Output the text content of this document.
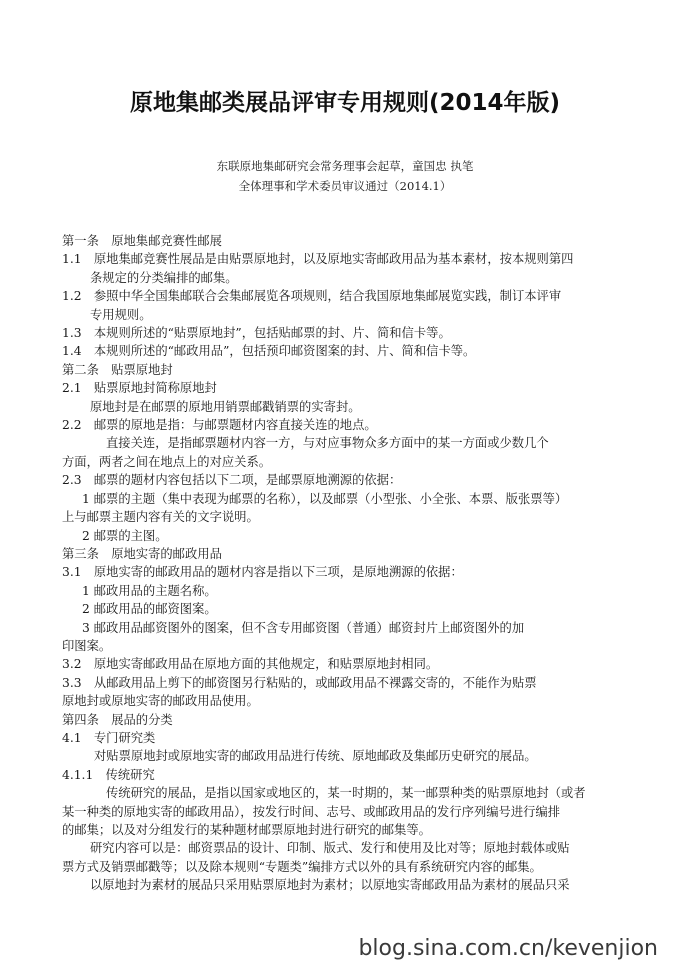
原地集邮类展品评审专用规则(2014年版)
东联原地集邮研究会常务理事会起草，童国忠 执笔
全体理事和学术委员审议通过（2014.1）
第一条　原地集邮竞赛性邮展
1.1　原地集邮竞赛性展品是由贴票原地封，以及原地实寄邮政用品为基本素材，按本规则第四
条规定的分类编排的邮集。
1.2　参照中华全国集邮联合会集邮展览各项规则，结合我国原地集邮展览实践，制订本评审
专用规则。
1.3　本规则所述的“贴票原地封”，包括贴邮票的封、片、简和信卡等。
1.4　本规则所述的“邮政用品”，包括预印邮资图案的封、片、简和信卡等。
第二条　贴票原地封
2.1　贴票原地封简称原地封
原地封是在邮票的原地用销票邮戳销票的实寄封。
2.2　邮票的原地是指：与邮票题材内容直接关连的地点。
直接关连，是指邮票题材内容一方，与对应事物众多方面中的某一方面或少数几个
方面，两者之间在地点上的对应关系。
2.3　邮票的题材内容包括以下二项，是邮票原地溯源的依据：
1 邮票的主题（集中表现为邮票的名称），以及邮票（小型张、小全张、本票、版张票等）
上与邮票主题内容有关的文字说明。
2 邮票的主图。
第三条　原地实寄的邮政用品
3.1　原地实寄的邮政用品的题材内容是指以下三项，是原地溯源的依据：
1 邮政用品的主题名称。
2 邮政用品的邮资图案。
3 邮政用品邮资图外的图案，但不含专用邮资图（普通）邮资封片上邮资图外的加
印图案。
3.2　原地实寄邮政用品在原地方面的其他规定，和贴票原地封相同。
3.3　从邮政用品上剪下的邮资图另行粘贴的，或邮政用品不裸露交寄的，不能作为贴票
原地封或原地实寄的邮政用品使用。
第四条　展品的分类
4.1　专门研究类
对贴票原地封或原地实寄的邮政用品进行传统、原地邮政及集邮历史研究的展品。
4.1.1　传统研究
传统研究的展品，是指以国家或地区的，某一时期的，某一邮票种类的贴票原地封（或者
某一种类的原地实寄的邮政用品），按发行时间、志号、或邮政用品的发行序列编号进行编排
的邮集；以及对分组发行的某种题材邮票原地封进行研究的邮集等。
研究内容可以是：邮资票品的设计、印制、版式、发行和使用及比对等；原地封载体或贴
票方式及销票邮戳等；以及除本规则“专题类”编排方式以外的具有系统研究内容的邮集。
以原地封为素材的展品只采用贴票原地封为素材；以原地实寄邮政用品为素材的展品只采
blog.sina.com.cn/kevenjion
